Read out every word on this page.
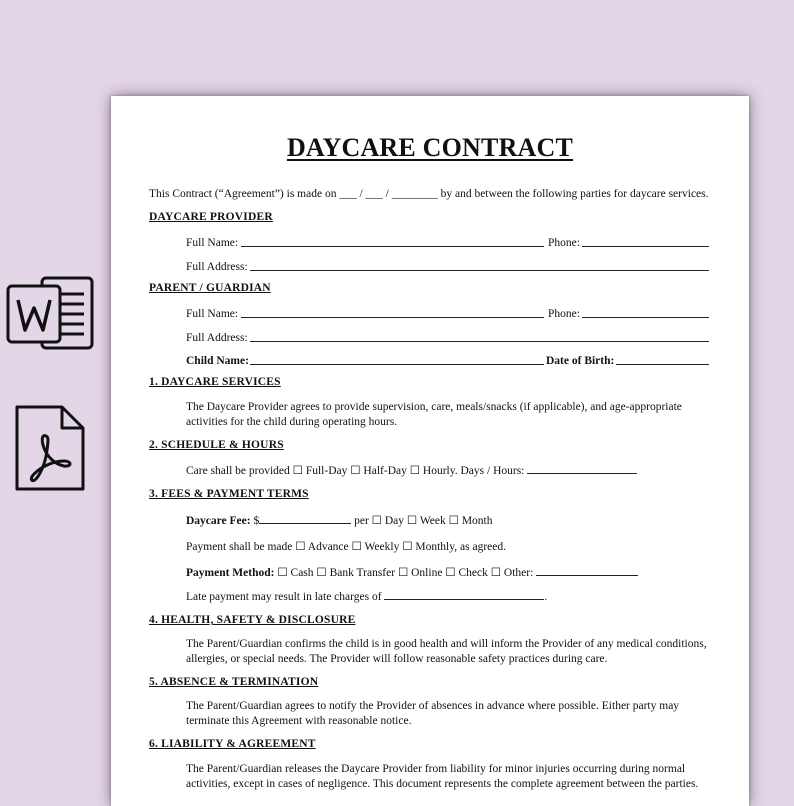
DAYCARE CONTRACT
This Contract (“Agreement”) is made on ___ / ___ / ________ by and between the following parties for daycare services.
DAYCARE PROVIDER
Full Name:	Phone:
Full Address:
PARENT / GUARDIAN
Full Name:	Phone:
Full Address:
Child Name:	Date of Birth:
1. DAYCARE SERVICES
The Daycare Provider agrees to provide supervision, care, meals/snacks (if applicable), and age-appropriate
activities for the child during operating hours.
2. SCHEDULE & HOURS
Care shall be provided ☐ Full-Day ☐ Half-Day ☐ Hourly. Days / Hours:
3. FEES & PAYMENT TERMS
Daycare Fee: $	per ☐ Day ☐ Week ☐ Month
Payment shall be made ☐ Advance ☐ Weekly ☐ Monthly, as agreed.
Payment Method: ☐ Cash ☐ Bank Transfer ☐ Online ☐ Check ☐ Other:
Late payment may result in late charges of	.
4. HEALTH, SAFETY & DISCLOSURE
The Parent/Guardian confirms the child is in good health and will inform the Provider of any medical conditions,
allergies, or special needs. The Provider will follow reasonable safety practices during care.
5. ABSENCE & TERMINATION
The Parent/Guardian agrees to notify the Provider of absences in advance where possible. Either party may
terminate this Agreement with reasonable notice.
6. LIABILITY & AGREEMENT
The Parent/Guardian releases the Daycare Provider from liability for minor injuries occurring during normal
activities, except in cases of negligence. This document represents the complete agreement between the parties.
